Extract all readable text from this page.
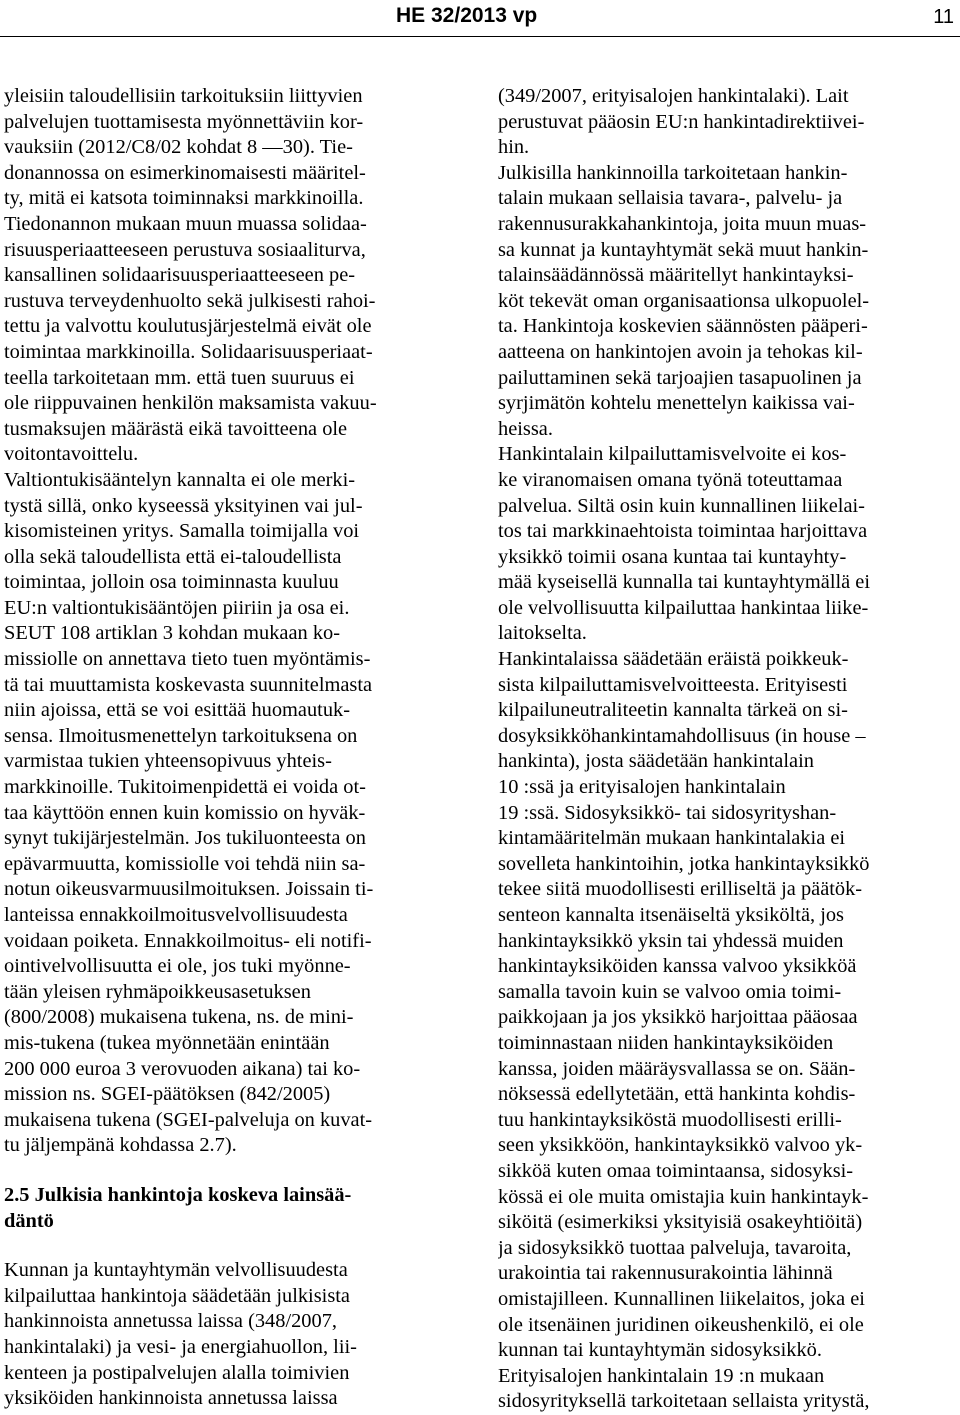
HE 32/2013 vp	11
yleisiin taloudellisiin tarkoituksiin liittyvien
palvelujen tuottamisesta myönnettäviin kor-
vauksiin (2012/C8/02 kohdat 8 —30). Tie-
donannossa on esimerkinomaisesti määritel-
ty, mitä ei katsota toiminnaksi markkinoilla.
Tiedonannon mukaan muun muassa solidaa-
risuusperiaatteeseen perustuva sosiaaliturva,
kansallinen solidaarisuusperiaatteeseen pe-
rustuva terveydenhuolto sekä julkisesti rahoi-
tettu ja valvottu koulutusjärjestelmä eivät ole
toimintaa markkinoilla. Solidaarisuusperiaat-
teella tarkoitetaan mm. että tuen suuruus ei
ole riippuvainen henkilön maksamista vakuu-
tusmaksujen määrästä eikä tavoitteena ole
voitontavoittelu.
Valtiontukisääntelyn kannalta ei ole merki-
tystä sillä, onko kyseessä yksityinen vai jul-
kisomisteinen yritys. Samalla toimijalla voi
olla sekä taloudellista että ei-taloudellista
toimintaa, jolloin osa toiminnasta kuuluu
EU:n valtiontukisääntöjen piiriin ja osa ei.
SEUT 108 artiklan 3 kohdan mukaan ko-
missiolle on annettava tieto tuen myöntämis-
tä tai muuttamista koskevasta suunnitelmasta
niin ajoissa, että se voi esittää huomautuk-
sensa. Ilmoitusmenettelyn tarkoituksena on
varmistaa tukien yhteensopivuus yhteis-
markkinoille. Tukitoimenpidettä ei voida ot-
taa käyttöön ennen kuin komissio on hyväk-
synyt tukijärjestelmän. Jos tukiluonteesta on
epävarmuutta, komissiolle voi tehdä niin sa-
notun oikeusvarmuusilmoituksen. Joissain ti-
lanteissa ennakkoilmoitusvelvollisuudesta
voidaan poiketa. Ennakkoilmoitus- eli notifi-
ointivelvollisuutta ei ole, jos tuki myönne-
tään yleisen ryhmäpoikkeusasetuksen
(800/2008) mukaisena tukena, ns. de mini-
mis-tukena (tukea myönnetään enintään
200 000 euroa 3 verovuoden aikana) tai ko-
mission ns. SGEI-päätöksen (842/2005)
mukaisena tukena (SGEI-palveluja on kuvat-
tu jäljempänä kohdassa 2.7).
2.5 Julkisia hankintoja koskeva lainsää-
däntö
Kunnan ja kuntayhtymän velvollisuudesta
kilpailuttaa hankintoja säädetään julkisista
hankinnoista annetussa laissa (348/2007,
hankintalaki) ja vesi- ja energiahuollon, lii-
kenteen ja postipalvelujen alalla toimivien
yksiköiden hankinnoista annetussa laissa
(349/2007, erityisalojen hankintalaki). Lait
perustuvat pääosin EU:n hankintadirektiivei-
hin.
Julkisilla hankinnoilla tarkoitetaan hankin-
talain mukaan sellaisia tavara-, palvelu- ja
rakennusurakkahankintoja, joita muun muas-
sa kunnat ja kuntayhtymät sekä muut hankin-
talainsäädännössä määritellyt hankintayksi-
köt tekevät oman organisaationsa ulkopuolel-
ta. Hankintoja koskevien säännösten pääperi-
aatteena on hankintojen avoin ja tehokas kil-
pailuttaminen sekä tarjoajien tasapuolinen ja
syrjimätön kohtelu menettelyn kaikissa vai-
heissa.
Hankintalain kilpailuttamisvelvoite ei kos-
ke viranomaisen omana työnä toteuttamaa
palvelua. Siltä osin kuin kunnallinen liikelai-
tos tai markkinaehtoista toimintaa harjoittava
yksikkö toimii osana kuntaa tai kuntayhty-
mää kyseisellä kunnalla tai kuntayhtymällä ei
ole velvollisuutta kilpailuttaa hankintaa liike-
laitokselta.
Hankintalaissa säädetään eräistä poikkeuk-
sista kilpailuttamisvelvoitteesta. Erityisesti
kilpailuneutraliteetin kannalta tärkeä on si-
dosyksikköhankintamahdollisuus (in house –
hankinta), josta säädetään hankintalain
10 :ssä ja erityisalojen hankintalain
19 :ssä. Sidosyksikkö- tai sidosyrityshan-
kintamääritelmän mukaan hankintalakia ei
sovelleta hankintoihin, jotka hankintayksikkö
tekee siitä muodollisesti erilliseltä ja päätök-
senteon kannalta itsenäiseltä yksiköltä, jos
hankintayksikkö yksin tai yhdessä muiden
hankintayksiköiden kanssa valvoo yksikköä
samalla tavoin kuin se valvoo omia toimi-
paikkojaan ja jos yksikkö harjoittaa pääosaa
toiminnastaan niiden hankintayksiköiden
kanssa, joiden määräysvallassa se on. Sään-
nöksessä edellytetään, että hankinta kohdis-
tuu hankintayksiköstä muodollisesti erilli-
seen yksikköön, hankintayksikkö valvoo yk-
sikköä kuten omaa toimintaansa, sidosyksi-
kössä ei ole muita omistajia kuin hankintayk-
siköitä (esimerkiksi yksityisiä osakeyhtiöitä)
ja sidosyksikkö tuottaa palveluja, tavaroita,
urakointia tai rakennusurakointia lähinnä
omistajilleen. Kunnallinen liikelaitos, joka ei
ole itsenäinen juridinen oikeushenkilö, ei ole
kunnan tai kuntayhtymän sidosyksikkö.
Erityisalojen hankintalain 19 :n mukaan
sidosyrityksellä tarkoitetaan sellaista yritystä,
